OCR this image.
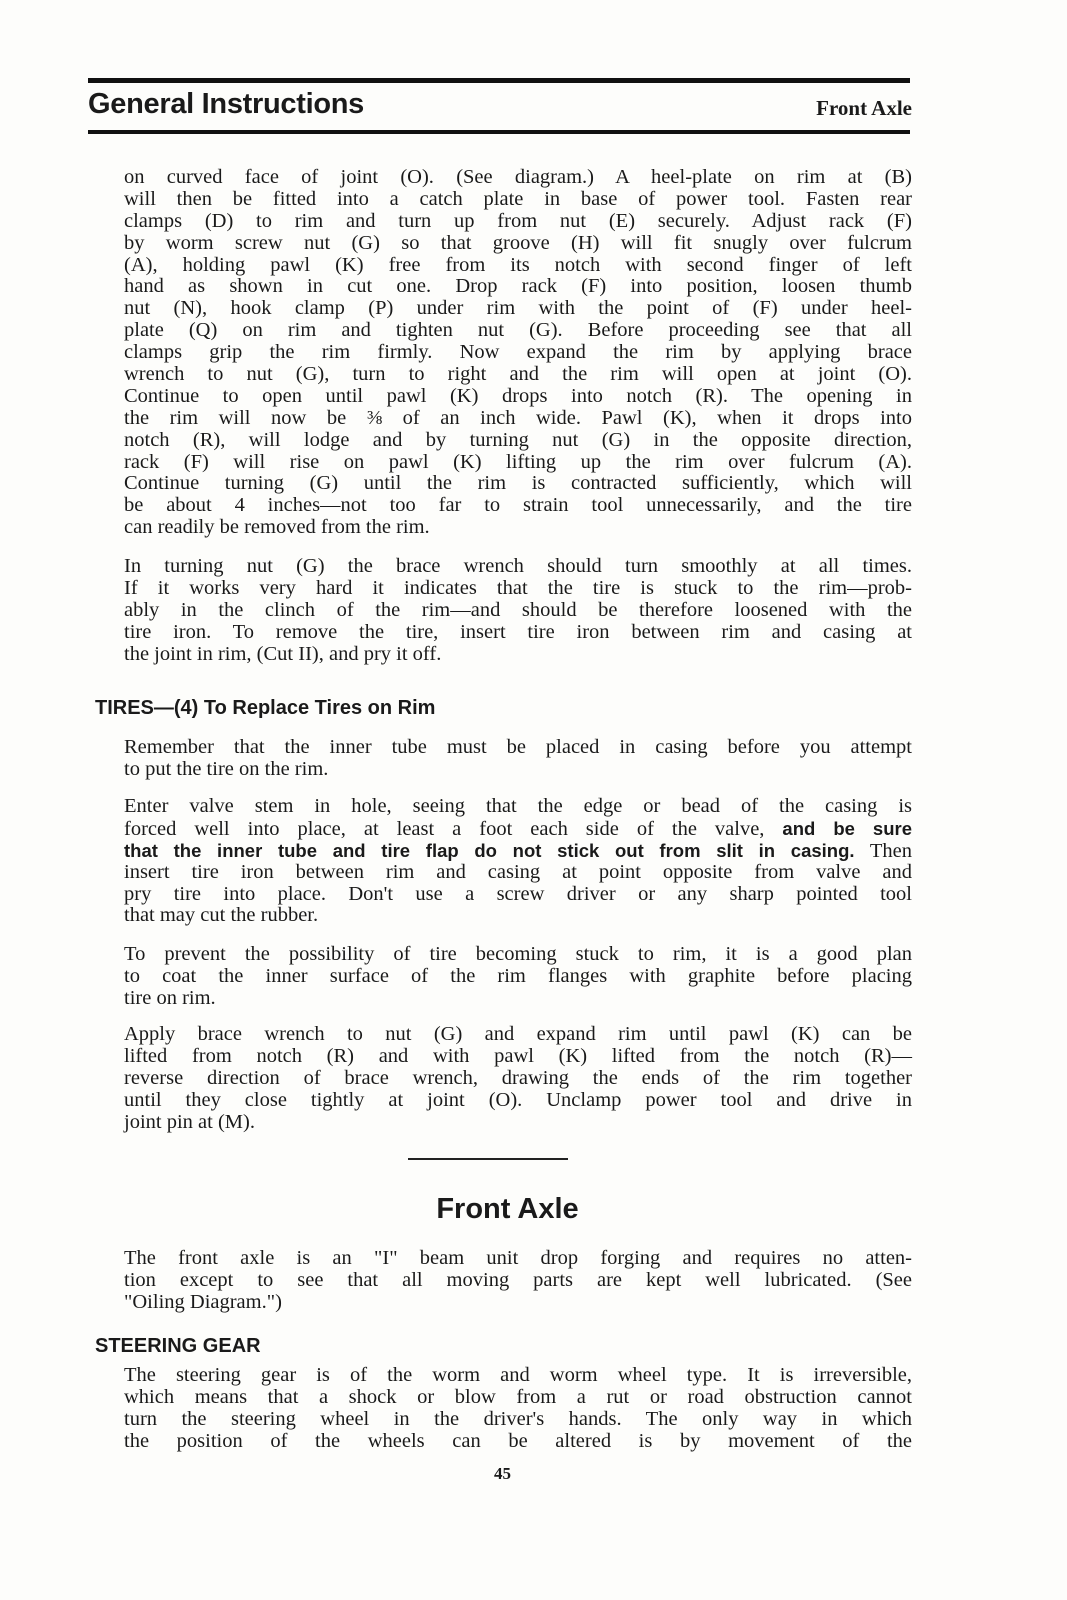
General Instructions	Front Axle
on curved face of joint (O). (See diagram.) A heel-plate on rim at (B)
will then be fitted into a catch plate in base of power tool. Fasten rear
clamps (D) to rim and turn up from nut (E) securely. Adjust rack (F)
by worm screw nut (G) so that groove (H) will fit snugly over fulcrum
(A), holding pawl (K) free from its notch with second finger of left
hand as shown in cut one. Drop rack (F) into position, loosen thumb
nut (N), hook clamp (P) under rim with the point of (F) under heel-
plate (Q) on rim and tighten nut (G). Before proceeding see that all
clamps grip the rim firmly. Now expand the rim by applying brace
wrench to nut (G), turn to right and the rim will open at joint (O).
Continue to open until pawl (K) drops into notch (R). The opening in
the rim will now be ⅜ of an inch wide. Pawl (K), when it drops into
notch (R), will lodge and by turning nut (G) in the opposite direction,
rack (F) will rise on pawl (K) lifting up the rim over fulcrum (A).
Continue turning (G) until the rim is contracted sufficiently, which will
be about 4 inches—not too far to strain tool unnecessarily, and the tire
can readily be removed from the rim.
In turning nut (G) the brace wrench should turn smoothly at all times.
If it works very hard it indicates that the tire is stuck to the rim—prob-
ably in the clinch of the rim—and should be therefore loosened with the
tire iron. To remove the tire, insert tire iron between rim and casing at
the joint in rim, (Cut II), and pry it off.
TIRES—(4) To Replace Tires on Rim
Remember that the inner tube must be placed in casing before you attempt
to put the tire on the rim.
Enter valve stem in hole, seeing that the edge or bead of the casing is
forced well into place, at least a foot each side of the valve, and be sure
that the inner tube and tire flap do not stick out from slit in casing. Then
insert tire iron between rim and casing at point opposite from valve and
pry tire into place. Don't use a screw driver or any sharp pointed tool
that may cut the rubber.
To prevent the possibility of tire becoming stuck to rim, it is a good plan
to coat the inner surface of the rim flanges with graphite before placing
tire on rim.
Apply brace wrench to nut (G) and expand rim until pawl (K) can be
lifted from notch (R) and with pawl (K) lifted from the notch (R)—
reverse direction of brace wrench, drawing the ends of the rim together
until they close tightly at joint (O). Unclamp power tool and drive in
joint pin at (M).
Front Axle
The front axle is an "I" beam unit drop forging and requires no atten-
tion except to see that all moving parts are kept well lubricated. (See
"Oiling Diagram.")
STEERING GEAR
The steering gear is of the worm and worm wheel type. It is irreversible,
which means that a shock or blow from a rut or road obstruction cannot
turn the steering wheel in the driver's hands. The only way in which
the position of the wheels can be altered is by movement of the
45
